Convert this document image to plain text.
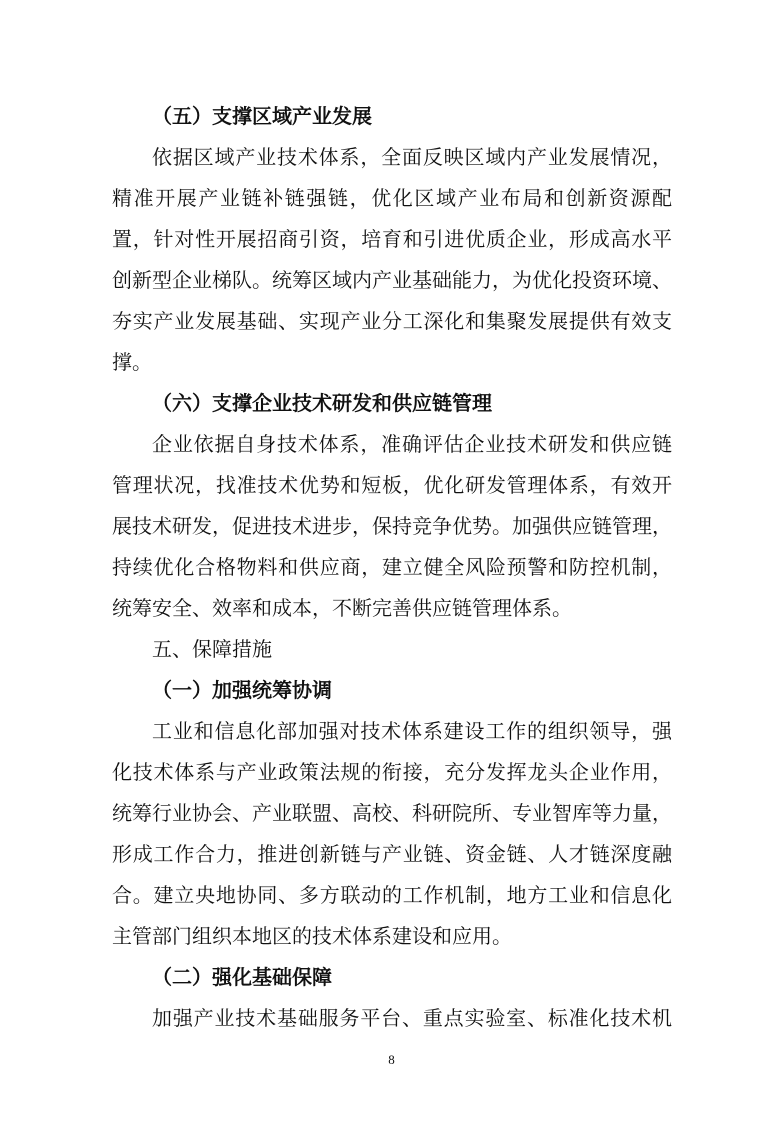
（五）支撑区域产业发展
依据区域产业技术体系，全面反映区域内产业发展情况，
精准开展产业链补链强链，优化区域产业布局和创新资源配
置，针对性开展招商引资，培育和引进优质企业，形成高水平
创新型企业梯队。统筹区域内产业基础能力，为优化投资环境、
夯实产业发展基础、实现产业分工深化和集聚发展提供有效支
撑。
（六）支撑企业技术研发和供应链管理
企业依据自身技术体系，准确评估企业技术研发和供应链
管理状况，找准技术优势和短板，优化研发管理体系，有效开
展技术研发，促进技术进步，保持竞争优势。加强供应链管理，
持续优化合格物料和供应商，建立健全风险预警和防控机制，
统筹安全、效率和成本，不断完善供应链管理体系。
五、保障措施
（一）加强统筹协调
工业和信息化部加强对技术体系建设工作的组织领导，强
化技术体系与产业政策法规的衔接，充分发挥龙头企业作用，
统筹行业协会、产业联盟、高校、科研院所、专业智库等力量，
形成工作合力，推进创新链与产业链、资金链、人才链深度融
合。建立央地协同、多方联动的工作机制，地方工业和信息化
主管部门组织本地区的技术体系建设和应用。
（二）强化基础保障
加强产业技术基础服务平台、重点实验室、标准化技术机
8
